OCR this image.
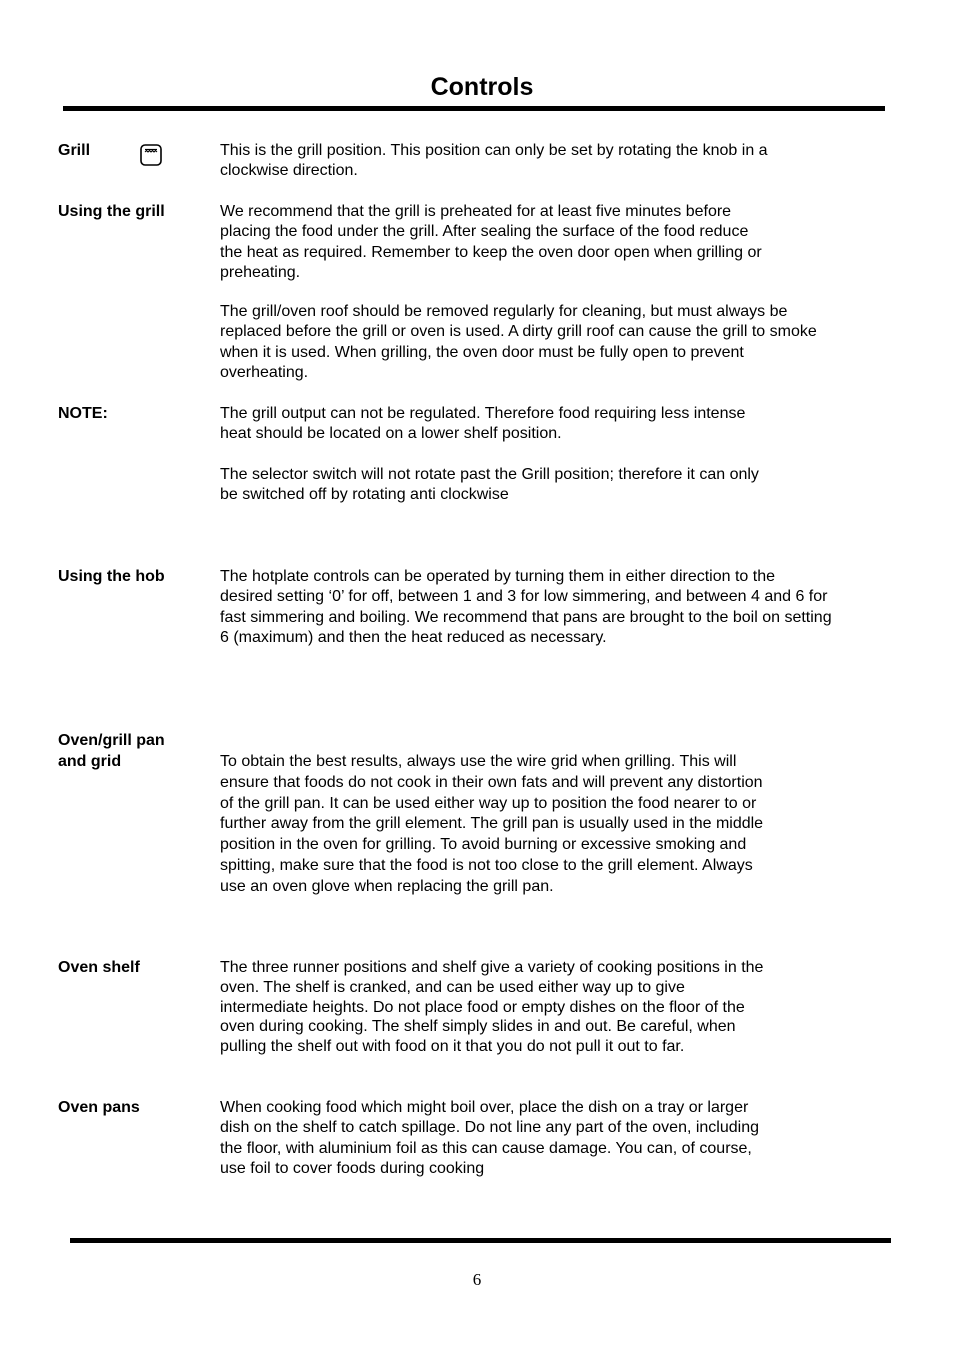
Controls
Grill	This is the grill position. This position can only be set by rotating the knob in a
clockwise direction.
Using the grill	We recommend that the grill is preheated for at least five minutes before
placing the food under the grill. After sealing the surface of the food reduce
the heat as required. Remember to keep the oven door open when grilling or
preheating.
The grill/oven roof should be removed regularly for cleaning, but must always be
replaced before the grill or oven is used. A dirty grill roof can cause the grill to smoke
when it is used. When grilling, the oven door must be fully open to prevent
overheating.
NOTE:	The grill output can not be regulated. Therefore food requiring less intense
heat should be located on a lower shelf position.
The selector switch will not rotate past the Grill position; therefore it can only
be switched off by rotating anti clockwise
Using the hob	The hotplate controls can be operated by turning them in either direction to the
desired setting ‘0’ for off, between 1 and 3 for low simmering, and between 4 and 6 for
fast simmering and boiling. We recommend that pans are brought to the boil on setting
6 (maximum) and then the heat reduced as necessary.
Oven/grill pan
and grid	To obtain the best results, always use the wire grid when grilling. This will
ensure that foods do not cook in their own fats and will prevent any distortion
of the grill pan. It can be used either way up to position the food nearer to or
further away from the grill element. The grill pan is usually used in the middle
position in the oven for grilling. To avoid burning or excessive smoking and
spitting, make sure that the food is not too close to the grill element. Always
use an oven glove when replacing the grill pan.
Oven shelf	The three runner positions and shelf give a variety of cooking positions in the
oven. The shelf is cranked, and can be used either way up to give
intermediate heights. Do not place food or empty dishes on the floor of the
oven during cooking. The shelf simply slides in and out. Be careful, when
pulling the shelf out with food on it that you do not pull it out to far.
Oven pans	When cooking food which might boil over, place the dish on a tray or larger
dish on the shelf to catch spillage. Do not line any part of the oven, including
the floor, with aluminium foil as this can cause damage. You can, of course,
use foil to cover foods during cooking
6
